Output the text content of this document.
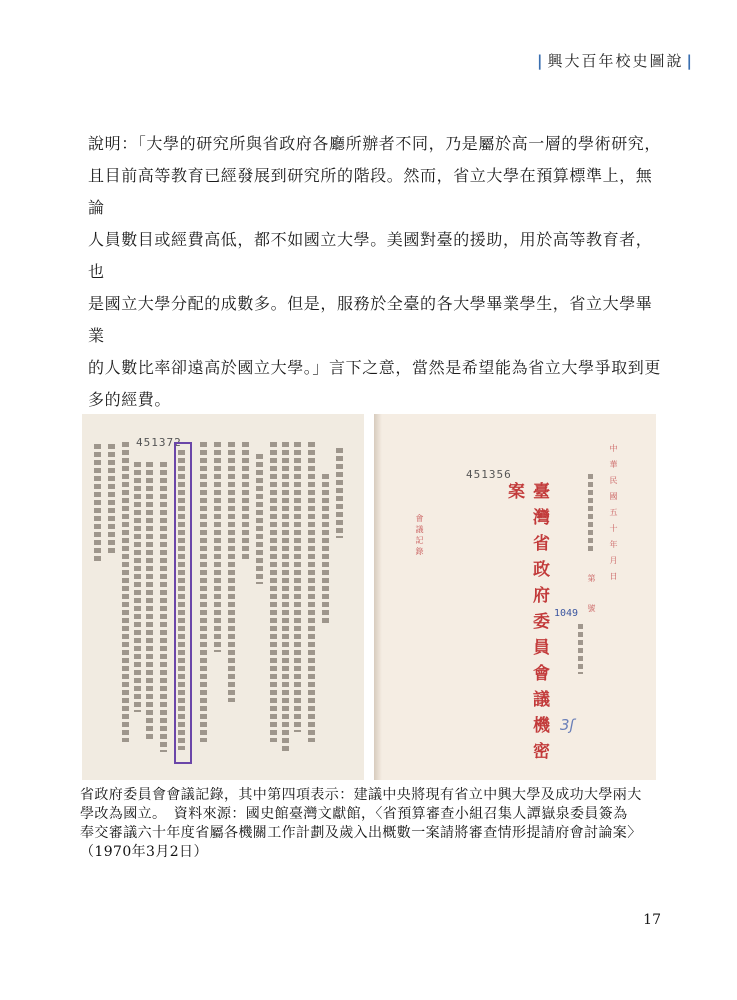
| 興大百年校史圖說 |

說明：「大學的研究所與省政府各廳所辦者不同，乃是屬於高一層的學術研究，

且目前高等教育已經發展到研究所的階段。然而，省立大學在預算標準上，無論

人員數目或經費高低，都不如國立大學。美國對臺的援助，用於高等教育者，也

是國立大學分配的成數多。但是，服務於全臺的各大學畢業學生，省立大學畢業

的人數比率卻遠高於國立大學。」言下之意，當然是希望能為省立大學爭取到更

多的經費。

451372
451356
會議記錄	臺灣省政府委員會議機密案	中華民國五十年月日
第號
1049
3ʃ

省政府委員會會議記錄，其中第四項表示：建議中央將現有省立中興大學及成功大學兩大

學改為國立。　資料來源：國史館臺灣文獻館，〈省預算審查小組召集人譚嶽泉委員簽為

奉交審議六十年度省屬各機關工作計劃及歲入出概數一案請將審查情形提請府會討論案〉

（1970年3月2日）

17
